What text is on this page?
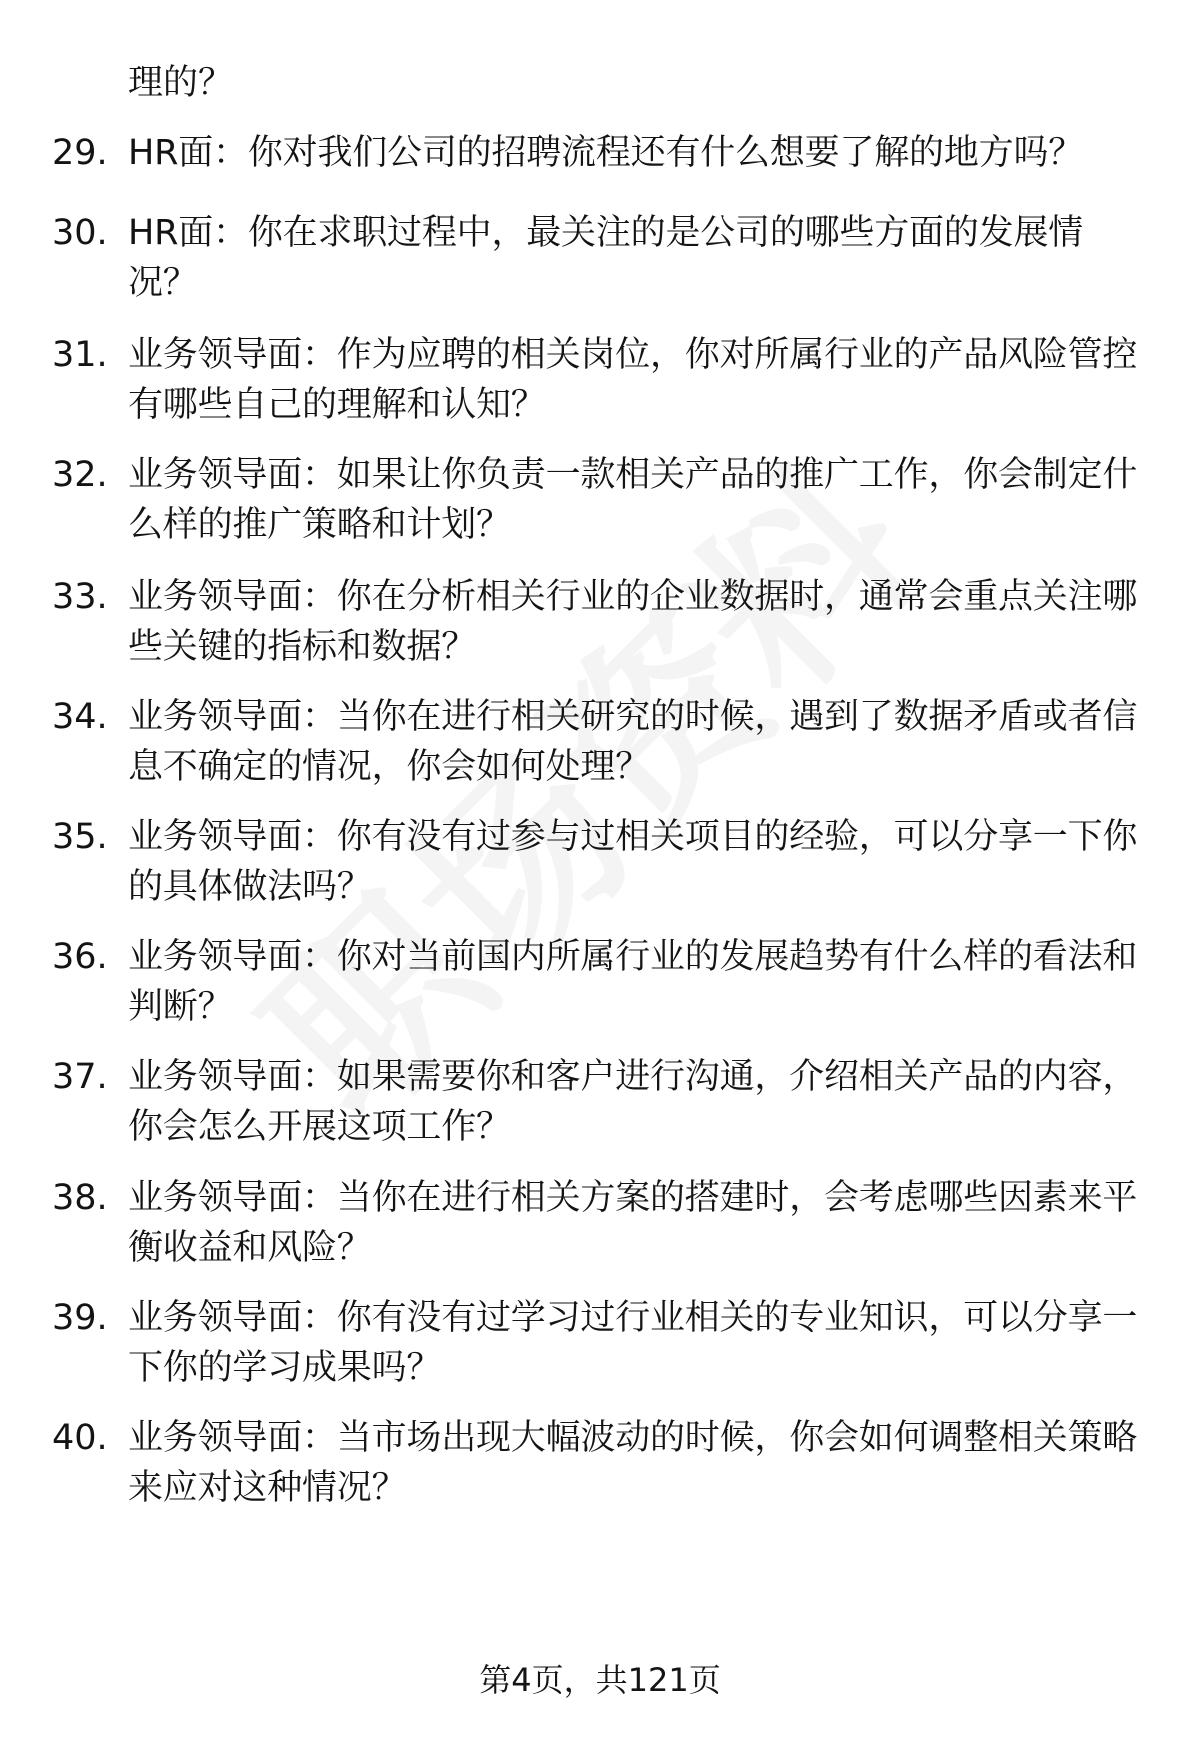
理的？
29. HR面：你对我们公司的招聘流程还有什么想要了解的地方吗？
30. HR面：你在求职过程中，最关注的是公司的哪些方面的发展情况？
31. 业务领导面：作为应聘的相关岗位，你对所属行业的产品风险管控有哪些自己的理解和认知？
32. 业务领导面：如果让你负责一款相关产品的推广工作，你会制定什么样的推广策略和计划？
33. 业务领导面：你在分析相关行业的企业数据时，通常会重点关注哪些关键的指标和数据？
34. 业务领导面：当你在进行相关研究的时候，遇到了数据矛盾或者信息不确定的情况，你会如何处理？
35. 业务领导面：你有没有过参与过相关项目的经验，可以分享一下你的具体做法吗？
36. 业务领导面：你对当前国内所属行业的发展趋势有什么样的看法和判断？
37. 业务领导面：如果需要你和客户进行沟通，介绍相关产品的内容，你会怎么开展这项工作？
38. 业务领导面：当你在进行相关方案的搭建时，会考虑哪些因素来平衡收益和风险？
39. 业务领导面：你有没有过学习过行业相关的专业知识，可以分享一下你的学习成果吗？
40. 业务领导面：当市场出现大幅波动的时候，你会如何调整相关策略来应对这种情况？
第4页，共121页
